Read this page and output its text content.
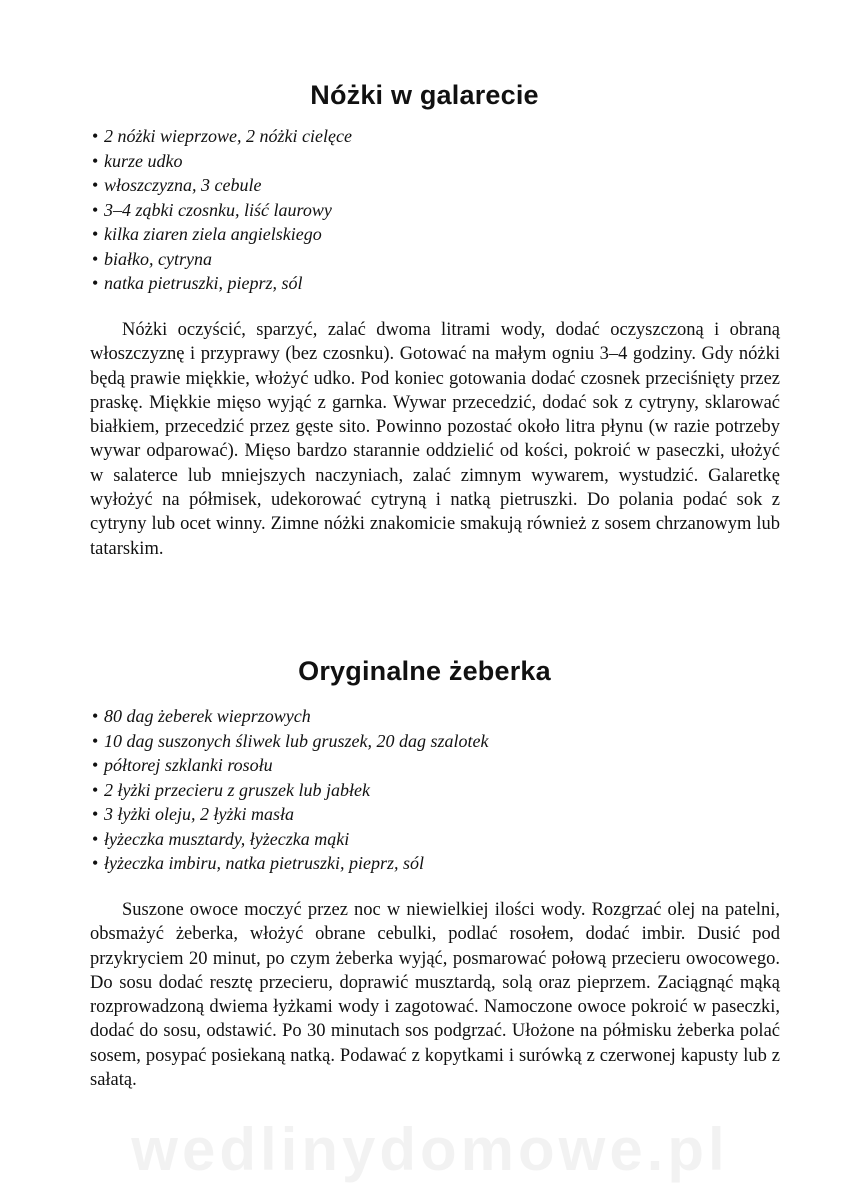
Nóżki w galarecie
• 2 nóżki wieprzowe, 2 nóżki cielęce
• kurze udko
• włoszczyzna, 3 cebule
• 3–4 ząbki czosnku, liść laurowy
• kilka ziaren ziela angielskiego
• białko, cytryna
• natka pietruszki, pieprz, sól

Nóżki oczyścić, sparzyć, zalać dwoma litrami wody, dodać oczyszczoną i obraną włoszczyznę i przyprawy (bez czosnku). Gotować na małym ogniu 3–4 godziny. Gdy nóżki będą prawie miękkie, włożyć udko. Pod koniec gotowania dodać czosnek przeciśnięty przez praskę. Miękkie mięso wyjąć z garnka. Wywar przecedzić, dodać sok z cytryny, sklarować białkiem, przecedzić przez gęste sito. Powinno pozostać około litra płynu (w razie potrzeby wywar odparować). Mięso bardzo starannie oddzielić od kości, pokroić w paseczki, ułożyć w salaterce lub mniejszych naczyniach, zalać zimnym wywarem, wystudzić. Galaretkę wyłożyć na półmisek, udekorować cytryną i natką pietruszki. Do polania podać sok z cytryny lub ocet winny. Zimne nóżki znakomicie smakują również z sosem chrzanowym lub tatarskim.

Oryginalne żeberka
• 80 dag żeberek wieprzowych
• 10 dag suszonych śliwek lub gruszek, 20 dag szalotek
• półtorej szklanki rosołu
• 2 łyżki przecieru z gruszek lub jabłek
• 3 łyżki oleju, 2 łyżki masła
• łyżeczka musztardy, łyżeczka mąki
• łyżeczka imbiru, natka pietruszki, pieprz, sól

Suszone owoce moczyć przez noc w niewielkiej ilości wody. Rozgrzać olej na patelni, obsmażyć żeberka, włożyć obrane cebulki, podlać rosołem, dodać imbir. Dusić pod przykryciem 20 minut, po czym żeberka wyjąć, posmarować połową przecieru owocowego. Do sosu dodać resztę przecieru, doprawić musztardą, solą oraz pieprzem. Zaciągnąć mąką rozprowadzoną dwiema łyżkami wody i zagotować. Namoczone owoce pokroić w paseczki, dodać do sosu, odstawić. Po 30 minutach sos podgrzać. Ułożone na półmisku żeberka polać sosem, posypać posiekaną natką. Podawać z kopytkami i surówką z czerwonej kapusty lub z sałatą.

wedlinydomowe.pl
